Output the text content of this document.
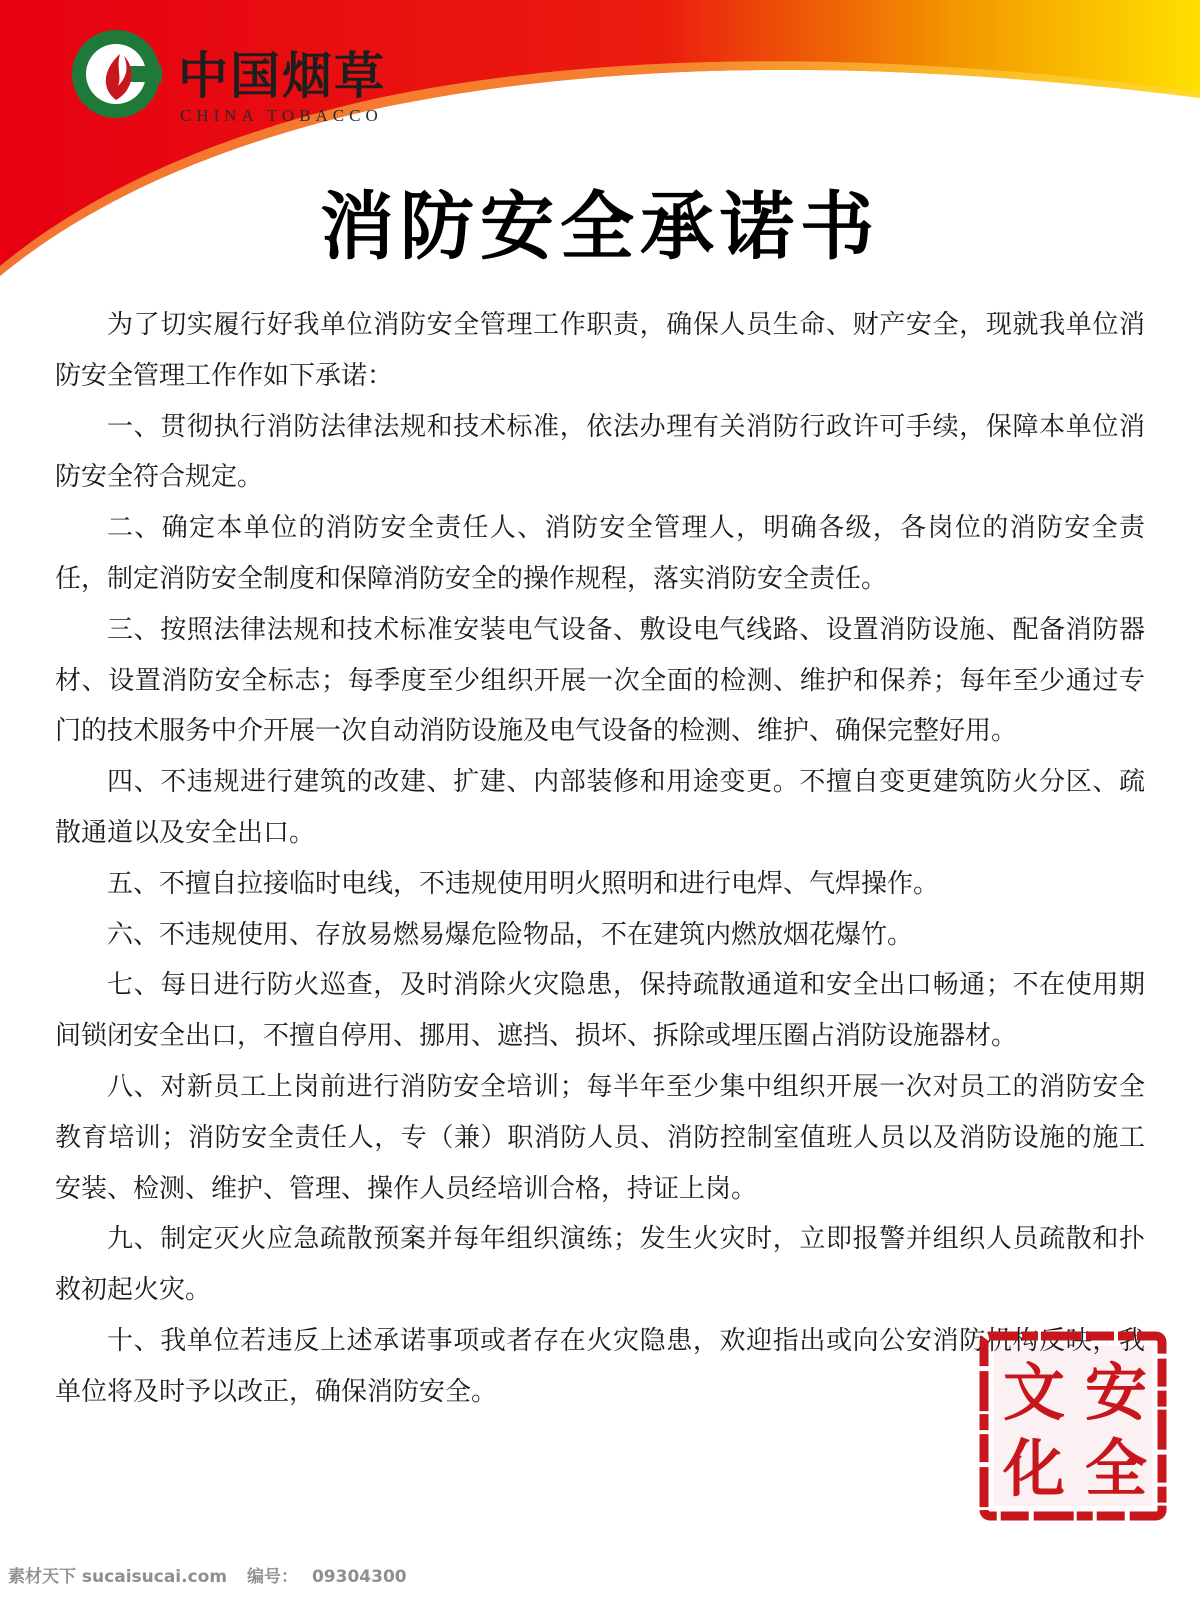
中国烟草
CHINA TOBACCO
消防安全承诺书

为了切实履行好我单位消防安全管理工作职责，确保人员生命、财产安全，现就我单位消防安全管理工作作如下承诺：

一、贯彻执行消防法律法规和技术标准，依法办理有关消防行政许可手续，保障本单位消防安全符合规定。

二、确定本单位的消防安全责任人、消防安全管理人，明确各级，各岗位的消防安全责任，制定消防安全制度和保障消防安全的操作规程，落实消防安全责任。

三、按照法律法规和技术标准安装电气设备、敷设电气线路、设置消防设施、配备消防器材、设置消防安全标志；每季度至少组织开展一次全面的检测、维护和保养；每年至少通过专门的技术服务中介开展一次自动消防设施及电气设备的检测、维护、确保完整好用。

四、不违规进行建筑的改建、扩建、内部装修和用途变更。不擅自变更建筑防火分区、疏散通道以及安全出口。

五、不擅自拉接临时电线，不违规使用明火照明和进行电焊、气焊操作。

六、不违规使用、存放易燃易爆危险物品，不在建筑内燃放烟花爆竹。

七、每日进行防火巡查，及时消除火灾隐患，保持疏散通道和安全出口畅通；不在使用期间锁闭安全出口，不擅自停用、挪用、遮挡、损坏、拆除或埋压圈占消防设施器材。

八、对新员工上岗前进行消防安全培训；每半年至少集中组织开展一次对员工的消防安全教育培训；消防安全责任人，专（兼）职消防人员、消防控制室值班人员以及消防设施的施工安装、检测、维护、管理、操作人员经培训合格，持证上岗。

九、制定灭火应急疏散预案并每年组织演练；发生火灾时，立即报警并组织人员疏散和扑救初起火灾。

十、我单位若违反上述承诺事项或者存在火灾隐患，欢迎指出或向公安消防机构反映，我单位将及时予以改正，确保消防安全。	安
全
文
化
素材天下 sucaisucai.com 编号： 09304300
